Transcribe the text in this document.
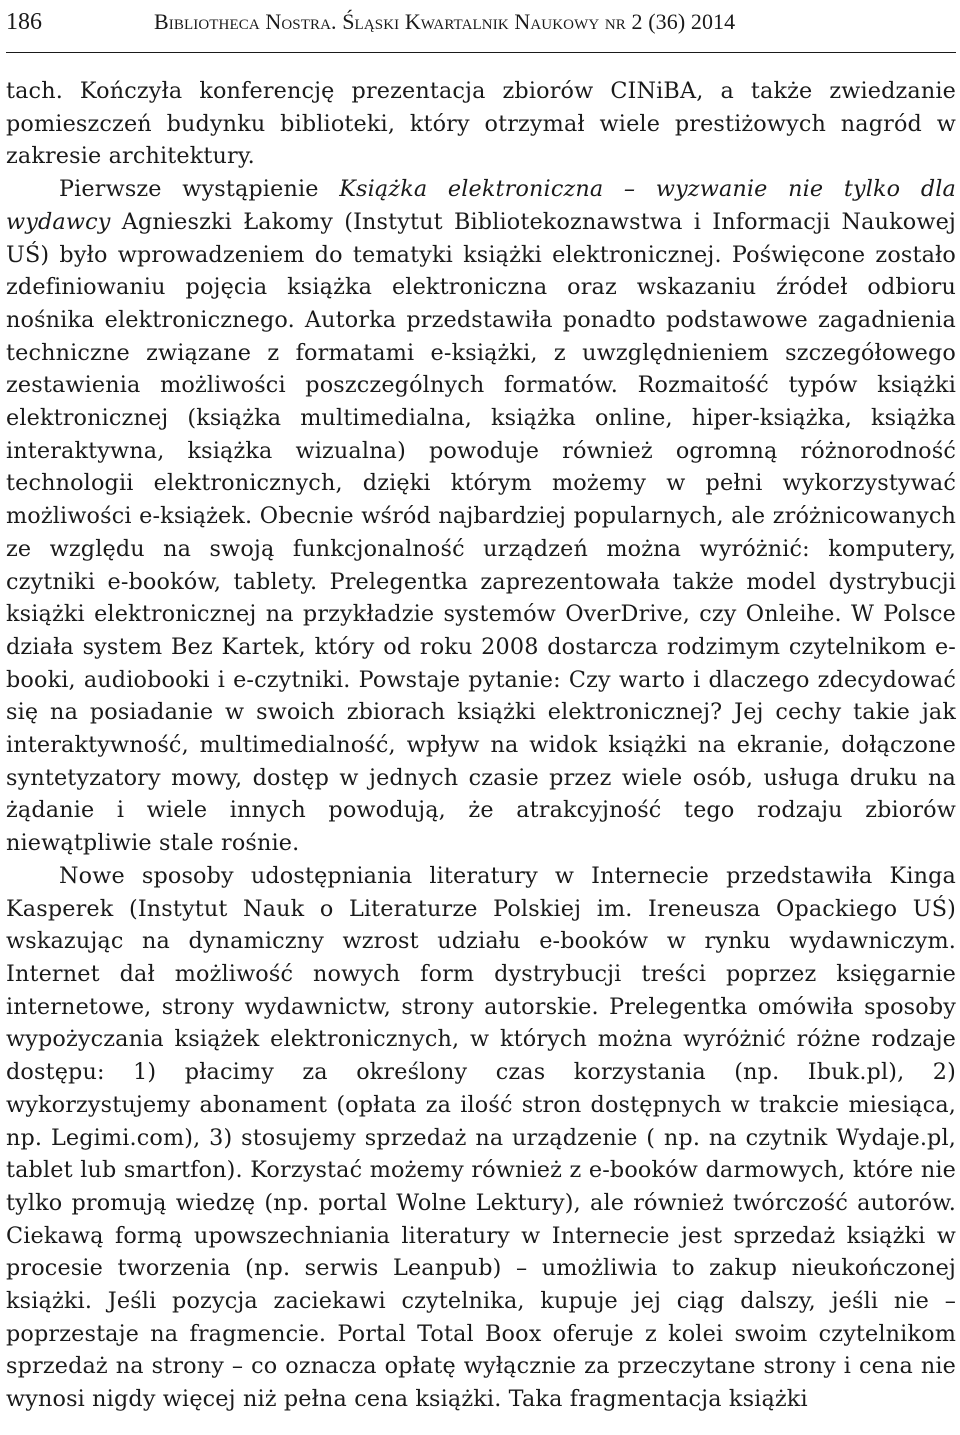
186	Bibliotheca Nostra. Śląski Kwartalnik Naukowy nr 2 (36) 2014

tach. Kończyła konferencję prezentacja zbiorów CINiBA, a także zwiedzanie pomieszczeń budynku biblioteki, który otrzymał wiele prestiżowych nagród w zakresie architektury.

Pierwsze wystąpienie Książka elektroniczna – wyzwanie nie tylko dla wydawcy Agnieszki Łakomy (Instytut Bibliotekoznawstwa i Informacji Naukowej UŚ) było wprowadzeniem do tematyki książki elektronicznej. Poświęcone zostało zdefiniowaniu pojęcia książka elektroniczna oraz wskazaniu źródeł odbioru nośnika elektronicznego. Autorka przedstawiła ponadto podstawowe zagadnienia techniczne związane z formatami e-książki, z uwzględnieniem szczegółowego zestawienia możliwości poszczególnych formatów. Rozmaitość typów książki elektronicznej (książka multimedialna, książka online, hiper-książka, książka interaktywna, książka wizualna) powoduje również ogromną różnorodność technologii elektronicznych, dzięki którym możemy w pełni wykorzystywać możliwości e-książek. Obecnie wśród najbardziej popularnych, ale zróżnicowanych ze względu na swoją funkcjonalność urządzeń można wyróżnić: komputery, czytniki e-booków, tablety. Prelegentka zaprezentowała także model dystrybucji książki elektronicznej na przykładzie systemów OverDrive, czy Onleihe. W Polsce działa system Bez Kartek, który od roku 2008 dostarcza rodzimym czytelnikom e-booki, audiobooki i e-czytniki. Powstaje pytanie: Czy warto i dlaczego zdecydować się na posiadanie w swoich zbiorach książki elektronicznej? Jej cechy takie jak interaktywność, multimedialność, wpływ na widok książki na ekranie, dołączone syntetyzatory mowy, dostęp w jednych czasie przez wiele osób, usługa druku na żądanie i wiele innych powodują, że atrakcyjność tego rodzaju zbiorów niewątpliwie stale rośnie.

Nowe sposoby udostępniania literatury w Internecie przedstawiła Kinga Kasperek (Instytut Nauk o Literaturze Polskiej im. Ireneusza Opackiego UŚ) wskazując na dynamiczny wzrost udziału e-booków w rynku wydawniczym. Internet dał możliwość nowych form dystrybucji treści poprzez księgarnie internetowe, strony wydawnictw, strony autorskie. Prelegentka omówiła sposoby wypożyczania książek elektronicznych, w których można wyróżnić różne rodzaje dostępu: 1) płacimy za określony czas korzystania (np. Ibuk.pl), 2) wykorzystujemy abonament (opłata za ilość stron dostępnych w trakcie miesiąca, np. Legimi.com), 3) stosujemy sprzedaż na urządzenie ( np. na czytnik Wydaje.pl, tablet lub smartfon). Korzystać możemy również z e-booków darmowych, które nie tylko promują wiedzę (np. portal Wolne Lektury), ale również twórczość autorów. Ciekawą formą upowszechniania literatury w Internecie jest sprzedaż książki w procesie tworzenia (np. serwis Leanpub) – umożliwia to zakup nieukończonej książki. Jeśli pozycja zaciekawi czytelnika, kupuje jej ciąg dalszy, jeśli nie – poprzestaje na fragmencie. Portal Total Boox oferuje z kolei swoim czytelnikom sprzedaż na strony – co oznacza opłatę wyłącznie za przeczytane strony i cena nie wynosi nigdy więcej niż pełna cena książki. Taka fragmentacja książki
